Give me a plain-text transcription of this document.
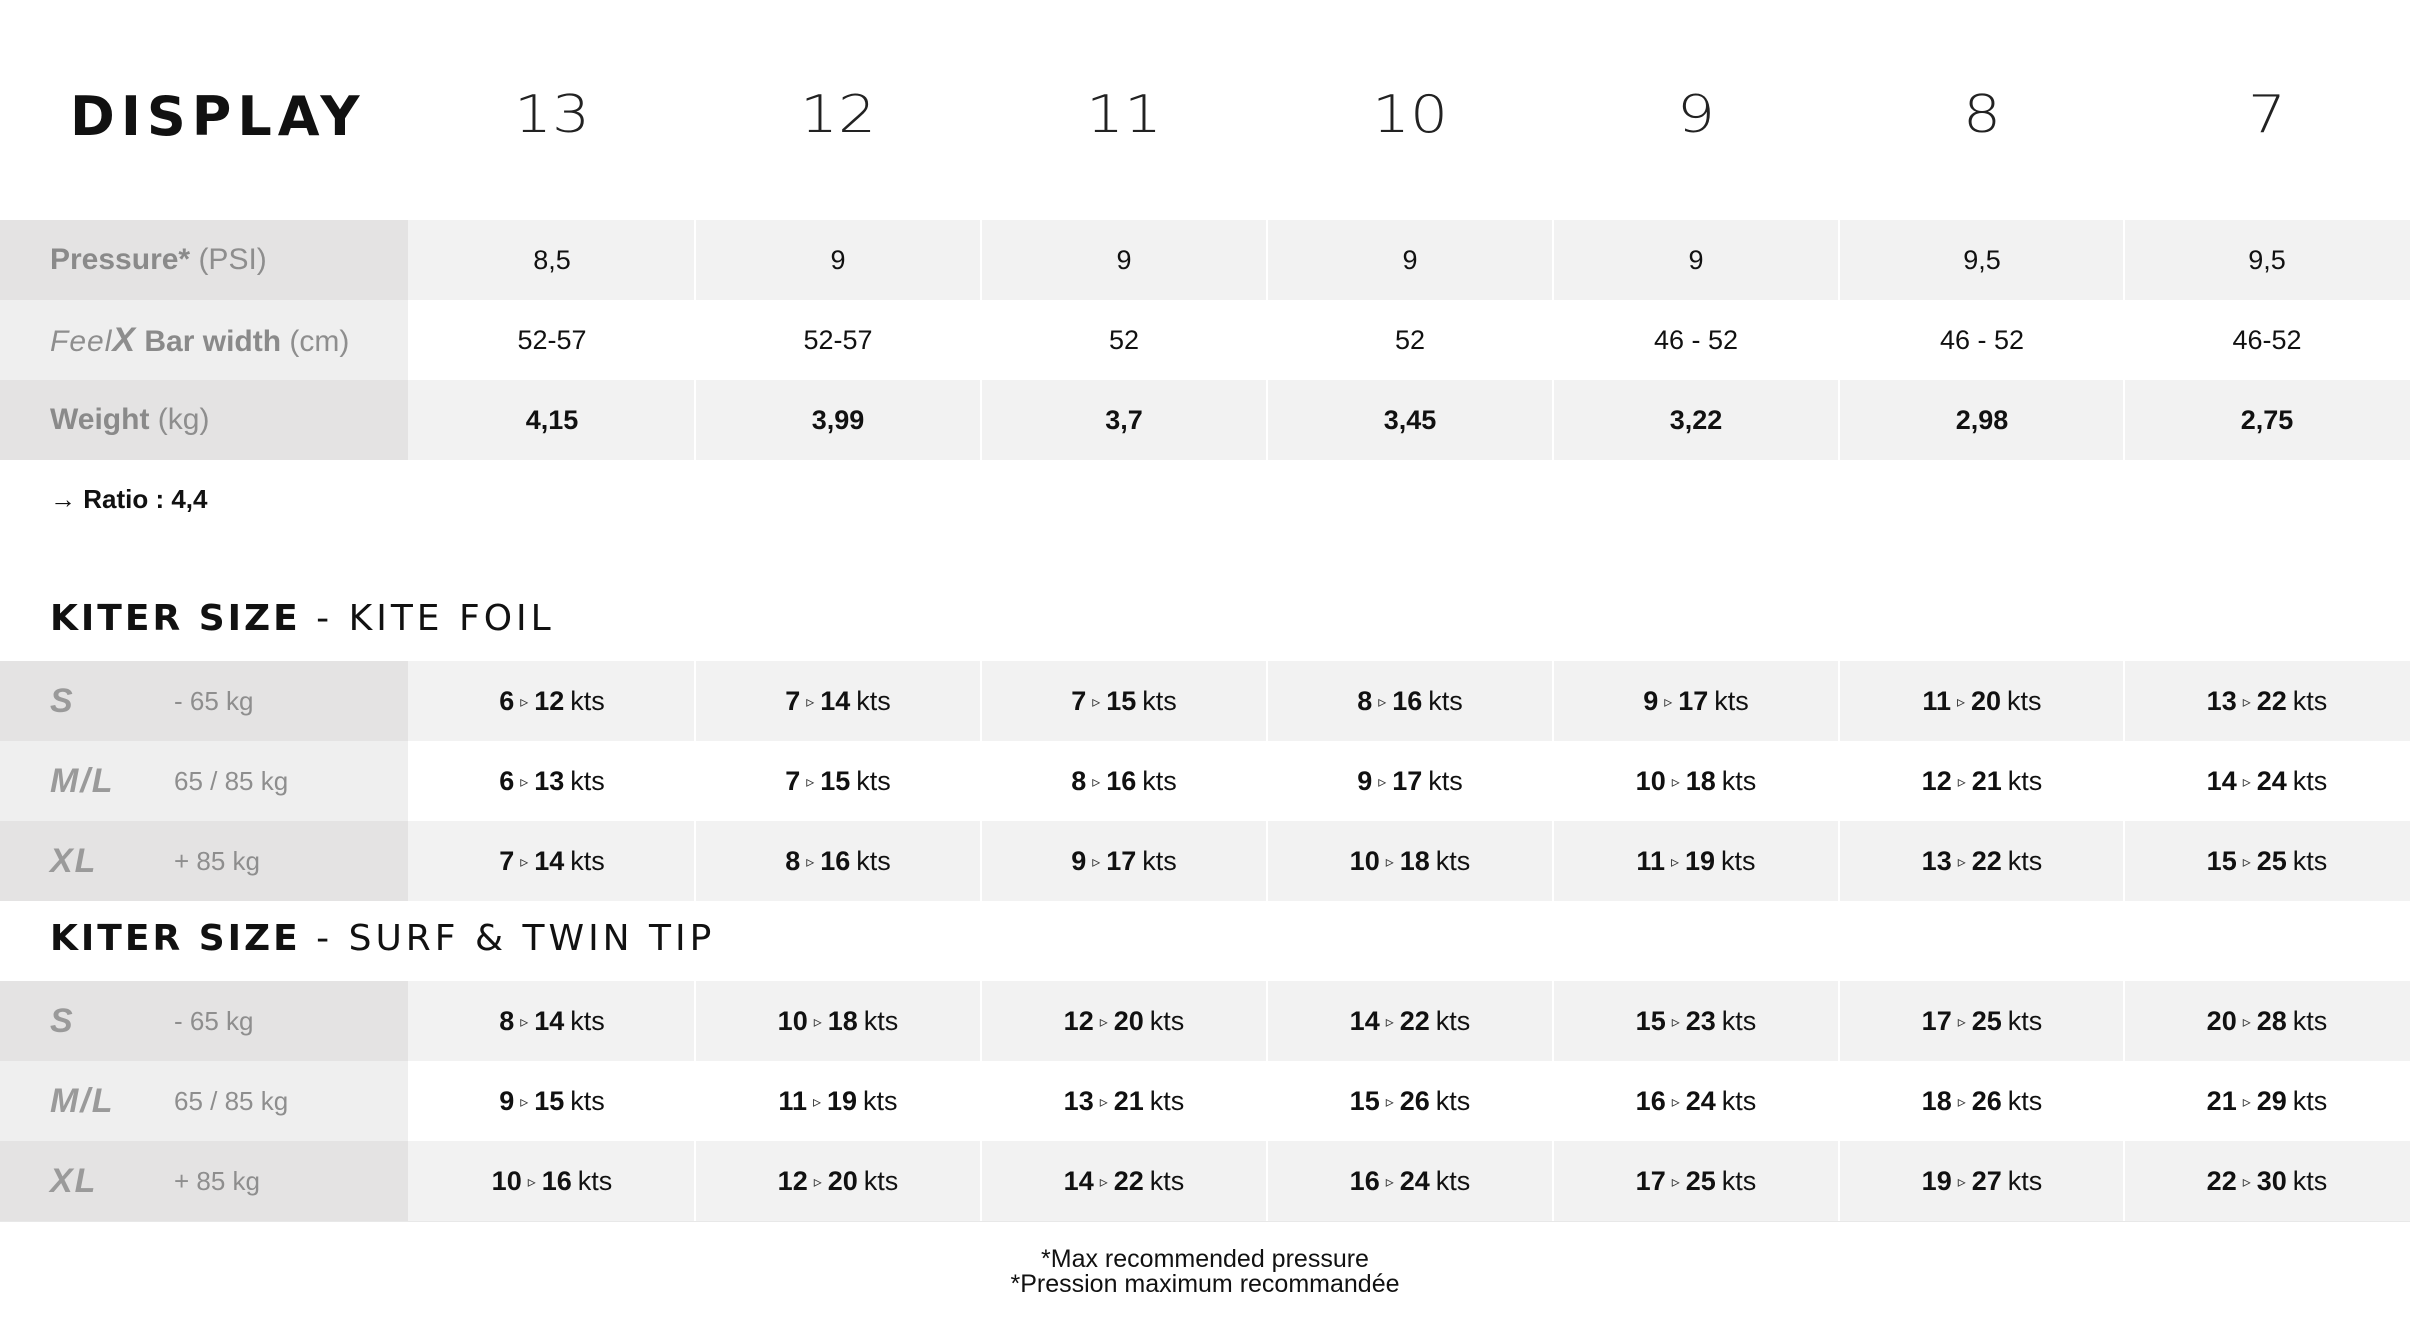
DISPLAY	13	12	11	10	9	8	7
Pressure* (PSI)	8,5	9	9	9	9	9,5	9,5
FeelX Bar width (cm)	52-57	52-57	52	52	46 - 52	46 - 52	46-52
Weight (kg)	4,15	3,99	3,7	3,45	3,22	2,98	2,75
→ Ratio : 4,4
KITER SIZE - KITE FOIL
S	- 65 kg	6 ▹ 12 kts	7 ▹ 14 kts	7 ▹ 15 kts	8 ▹ 16 kts	9 ▹ 17 kts	11 ▹ 20 kts	13 ▹ 22 kts
M/L 65 / 85 kg	6 ▹ 13 kts	7 ▹ 15 kts	8 ▹ 16 kts	9 ▹ 17 kts	10 ▹ 18 kts	12 ▹ 21 kts	14 ▹ 24 kts
XL	+ 85 kg	7 ▹ 14 kts	8 ▹ 16 kts	9 ▹ 17 kts	10 ▹ 18 kts	11 ▹ 19 kts	13 ▹ 22 kts	15 ▹ 25 kts
KITER SIZE - SURF & TWIN TIP
S	- 65 kg	8 ▹ 14 kts	10 ▹ 18 kts	12 ▹ 20 kts	14 ▹ 22 kts	15 ▹ 23 kts	17 ▹ 25 kts	20 ▹ 28 kts
M/L 65 / 85 kg	9 ▹ 15 kts	11 ▹ 19 kts	13 ▹ 21 kts	15 ▹ 26 kts	16 ▹ 24 kts	18 ▹ 26 kts	21 ▹ 29 kts
XL	+ 85 kg	10 ▹ 16 kts	12 ▹ 20 kts	14 ▹ 22 kts	16 ▹ 24 kts	17 ▹ 25 kts	19 ▹ 27 kts	22 ▹ 30 kts
*Max recommended pressure
*Pression maximum recommandée
